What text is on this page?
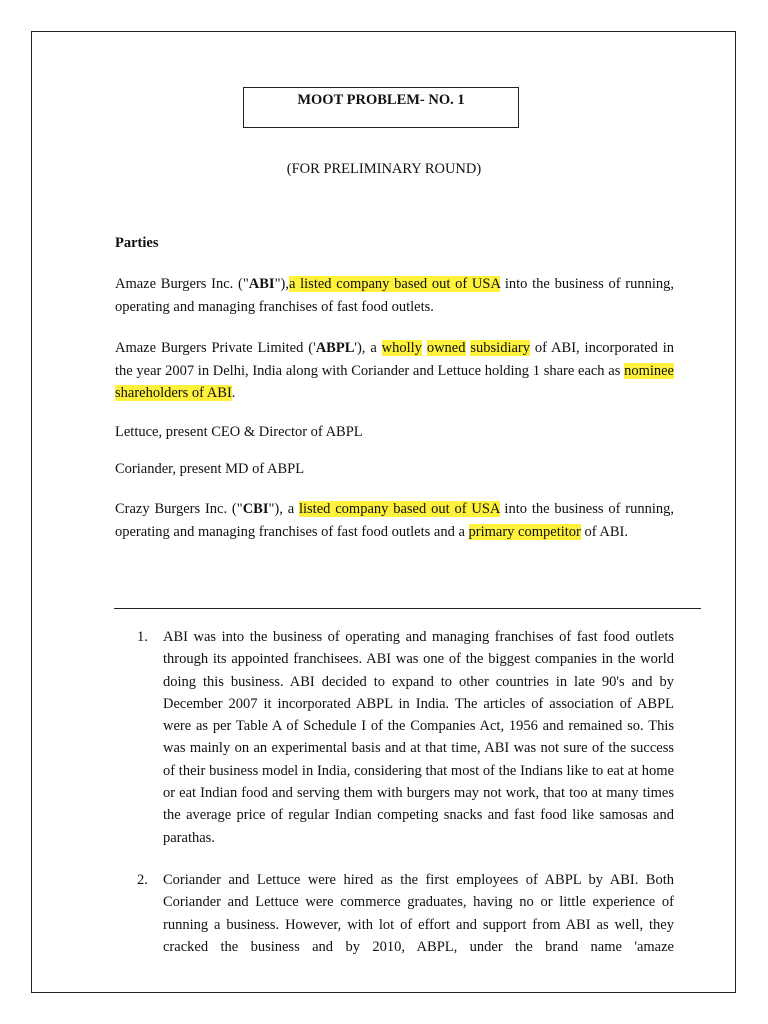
MOOT PROBLEM- NO. 1
(FOR PRELIMINARY ROUND)
Parties
Amaze Burgers Inc. ("ABI"),a listed company based out of USA into the business of running, operating and managing franchises of fast food outlets.
Amaze Burgers Private Limited ('ABPL'), a wholly owned subsidiary of ABI, incorporated in the year 2007 in Delhi, India along with Coriander and Lettuce holding 1 share each as nominee shareholders of ABI.
Lettuce, present CEO & Director of ABPL
Coriander, present MD of ABPL
Crazy Burgers Inc. ("CBI"), a listed company based out of USA into the business of running, operating and managing franchises of fast food outlets and a primary competitor of ABI.
1. ABI was into the business of operating and managing franchises of fast food outlets through its appointed franchisees. ABI was one of the biggest companies in the world doing this business. ABI decided to expand to other countries in late 90's and by December 2007 it incorporated ABPL in India. The articles of association of ABPL were as per Table A of Schedule I of the Companies Act, 1956 and remained so. This was mainly on an experimental basis and at that time, ABI was not sure of the success of their business model in India, considering that most of the Indians like to eat at home or eat Indian food and serving them with burgers may not work, that too at many times the average price of regular Indian competing snacks and fast food like samosas and parathas.
2. Coriander and Lettuce were hired as the first employees of ABPL by ABI. Both Coriander and Lettuce were commerce graduates, having no or little experience of running a business. However, with lot of effort and support from ABI as well, they cracked the business and by 2010, ABPL, under the brand name 'amaze
